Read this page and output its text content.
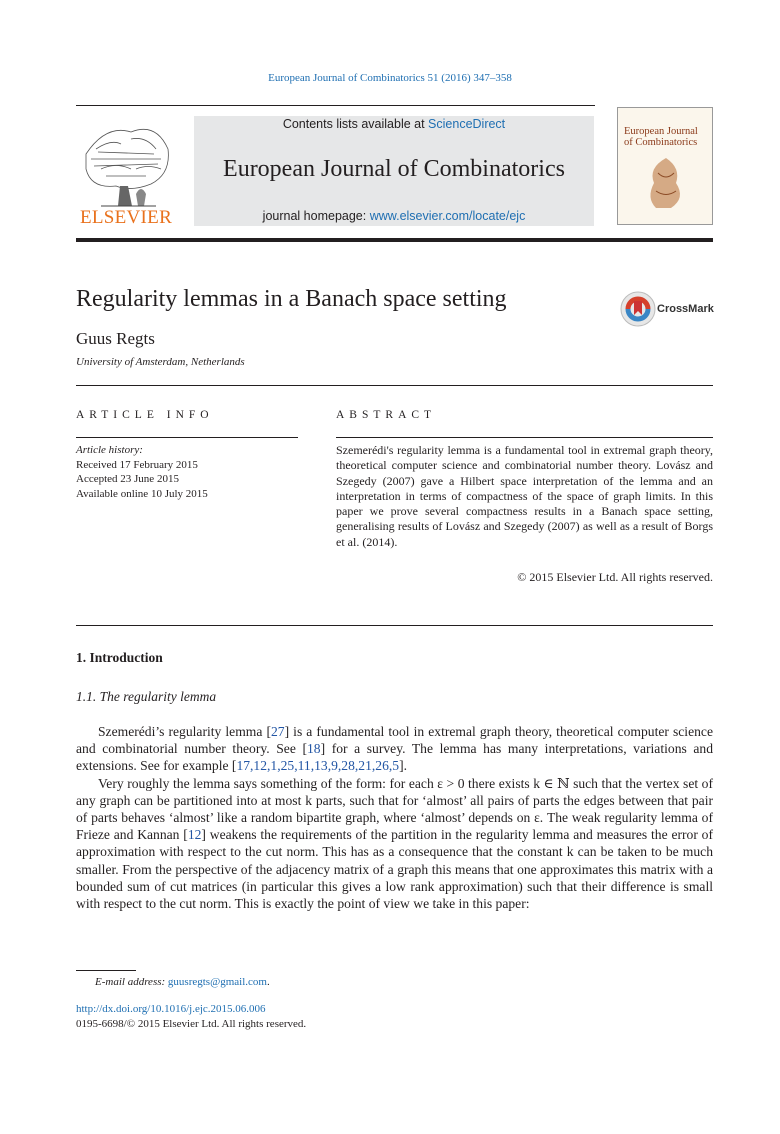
European Journal of Combinatorics 51 (2016) 347–358
ELSEVIER
Contents lists available at ScienceDirect
European Journal of Combinatorics
journal homepage: www.elsevier.com/locate/ejc
European Journal of Combinatorics
Regularity lemmas in a Banach space setting	CrossMark
Guus Regts
University of Amsterdam, Netherlands
ARTICLE INFO	ABSTRACT
Article history:
Received 17 February 2015
Accepted 23 June 2015
Available online 10 July 2015
Szemerédi's regularity lemma is a fundamental tool in extremal graph theory, theoretical computer science and combinatorial number theory. Lovász and Szegedy (2007) gave a Hilbert space interpretation of the lemma and an interpretation in terms of compactness of the space of graph limits. In this paper we prove several compactness results in a Banach space setting, generalising results of Lovász and Szegedy (2007) as well as a result of Borgs et al. (2014).
© 2015 Elsevier Ltd. All rights reserved.
1. Introduction
1.1. The regularity lemma

Szemerédi’s regularity lemma [27] is a fundamental tool in extremal graph theory, theoretical computer science and combinatorial number theory. See [18] for a survey. The lemma has many interpretations, variations and extensions. See for example [17,12,1,25,11,13,9,28,21,26,5].

Very roughly the lemma says something of the form: for each ε > 0 there exists k ∈ ℕ such that the vertex set of any graph can be partitioned into at most k parts, such that for ‘almost’ all pairs of parts the edges between that pair of parts behaves ‘almost’ like a random bipartite graph, where ‘almost’ depends on ε. The weak regularity lemma of Frieze and Kannan [12] weakens the requirements of the partition in the regularity lemma and measures the error of approximation with respect to the cut norm. This has as a consequence that the constant k can be taken to be much smaller. From the perspective of the adjacency matrix of a graph this means that one approximates this matrix with a bounded sum of cut matrices (in particular this gives a low rank approximation) such that their difference is small with respect to the cut norm. This is exactly the point of view we take in this paper:

E-mail address: guusregts@gmail.com.
http://dx.doi.org/10.1016/j.ejc.2015.06.006
0195-6698/© 2015 Elsevier Ltd. All rights reserved.
